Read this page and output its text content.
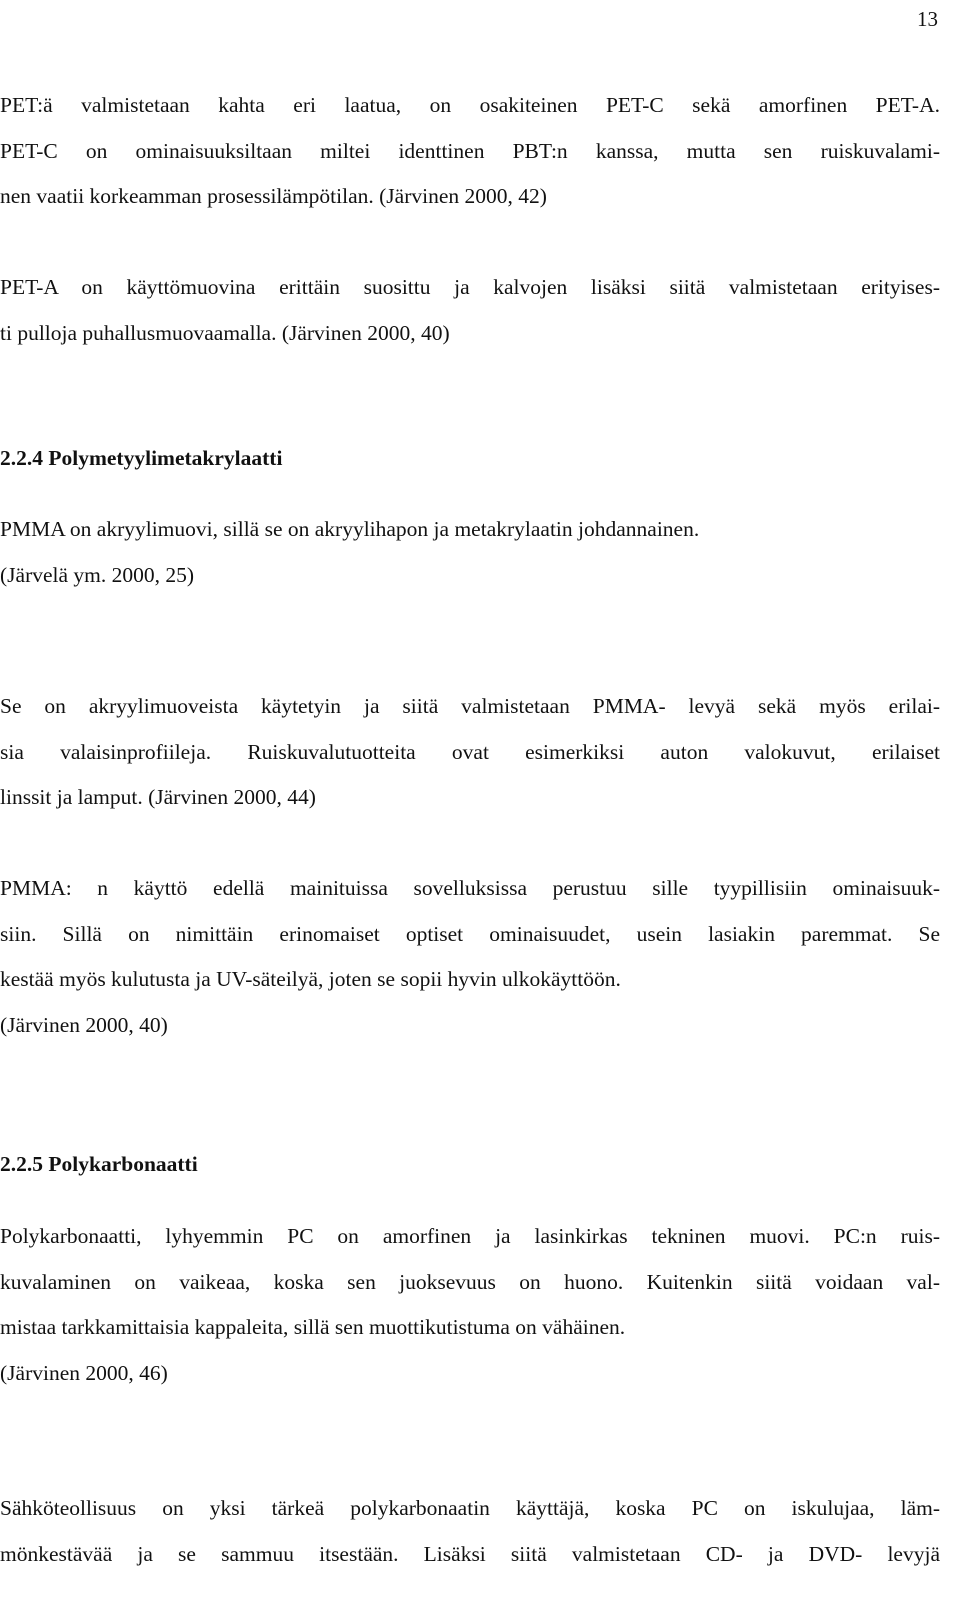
13

PET:ä valmistetaan kahta eri laatua, on osakiteinen PET-C sekä amorfinen PET-A.
PET-C on ominaisuuksiltaan miltei identtinen PBT:n kanssa, mutta sen ruiskuvalami-
nen vaatii korkeamman prosessilämpötilan. (Järvinen 2000, 42)

PET-A on käyttömuovina erittäin suosittu ja kalvojen lisäksi siitä valmistetaan erityises-
ti pulloja puhallusmuovaamalla. (Järvinen 2000, 40)

2.2.4 Polymetyylimetakrylaatti

PMMA on akryylimuovi, sillä se on akryylihapon ja metakrylaatin johdannainen.
(Järvelä ym. 2000, 25)

Se on akryylimuoveista käytetyin ja siitä valmistetaan PMMA- levyä sekä myös erilai-
sia valaisinprofiileja. Ruiskuvalutuotteita ovat esimerkiksi auton valokuvut, erilaiset
linssit ja lamput. (Järvinen 2000, 44)

PMMA: n käyttö edellä mainituissa sovelluksissa perustuu sille tyypillisiin ominaisuuk-
siin. Sillä on nimittäin erinomaiset optiset ominaisuudet, usein lasiakin paremmat. Se
kestää myös kulutusta ja UV-säteilyä, joten se sopii hyvin ulkokäyttöön.
(Järvinen 2000, 40)

2.2.5 Polykarbonaatti

Polykarbonaatti, lyhyemmin PC on amorfinen ja lasinkirkas tekninen muovi. PC:n ruis-
kuvalaminen on vaikeaa, koska sen juoksevuus on huono. Kuitenkin siitä voidaan val-
mistaa tarkkamittaisia kappaleita, sillä sen muottikutistuma on vähäinen.
(Järvinen 2000, 46)

Sähköteollisuus on yksi tärkeä polykarbonaatin käyttäjä, koska PC on iskulujaa, läm-
mönkestävää ja se sammuu itsestään. Lisäksi siitä valmistetaan CD- ja DVD- levyjä
